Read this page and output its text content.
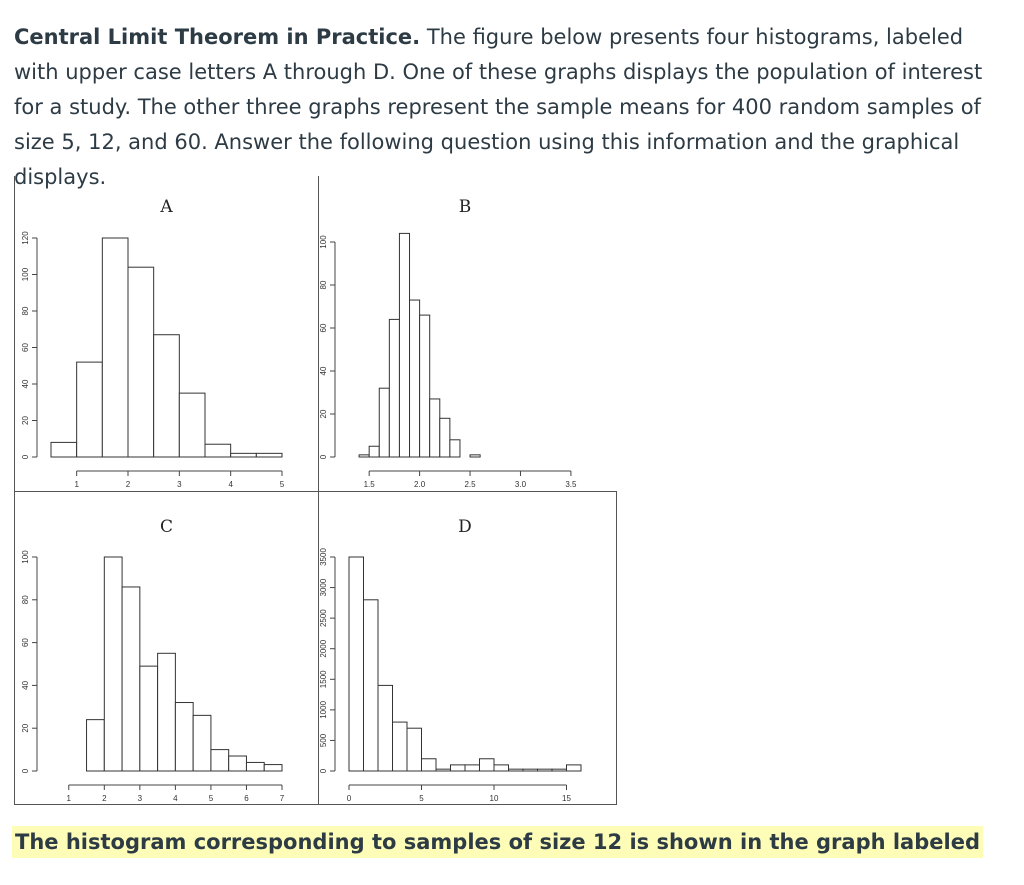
Central Limit Theorem in Practice. The figure below presents four histograms, labeled with upper case letters A through D. One of these graphs displays the population of interest for a study. The other three graphs represent the sample means for 400 random samples of size 5, 12, and 60. Answer the following question using this information and the graphical displays.
A
1	2	3	4	5
0
20
40
60
80
100
120
B
1.5	2.0	2.5	3.0	3.5
0
20
40
60
80
100
C
1	2	3	4	5	6	7
0
20
40
60
80
100
D
0	5	10	15
0
500
1000
1500
2000
2500
3000
3500
The histogram corresponding to samples of size 12 is shown in the graph labeled
